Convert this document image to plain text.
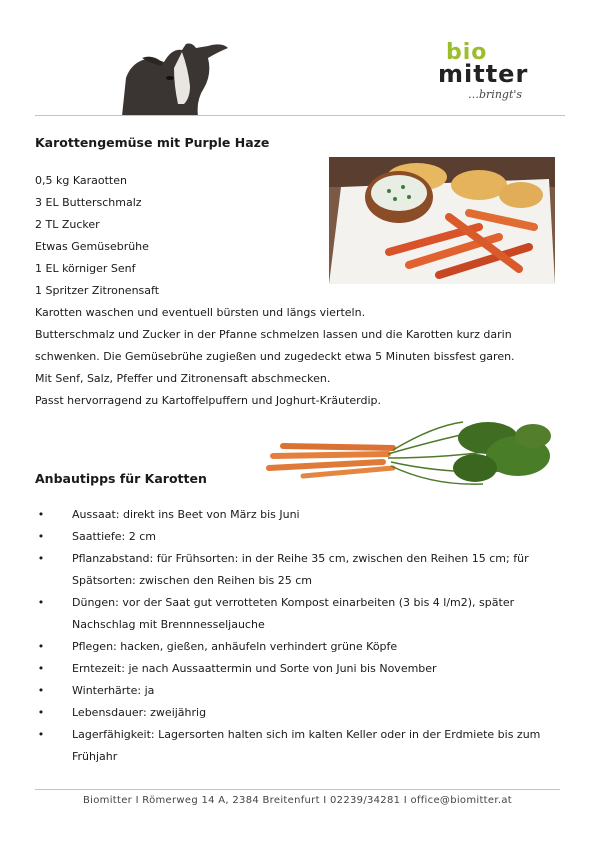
bio
mitter
…bringt's
Karottengemüse mit Purple Haze
0,5 kg Karaotten
3 EL Butterschmalz
2 TL Zucker
Etwas Gemüsebrühe
1 EL körniger Senf
1 Spritzer Zitronensaft
Karotten waschen und eventuell bürsten und längs vierteln.
Butterschmalz und Zucker in der Pfanne schmelzen lassen und die Karotten kurz darin
schwenken. Die Gemüsebrühe zugießen und zugedeckt etwa 5 Minuten bissfest garen.
Mit Senf, Salz, Pfeffer und Zitronensaft abschmecken.
Passt hervorragend zu Kartoffelpuffern und Joghurt-Kräuterdip.
Anbautipps für Karotten
•	Aussaat: direkt ins Beet von März bis Juni
•	Saattiefe: 2 cm
•	Pflanzabstand: für Frühsorten: in der Reihe 35 cm, zwischen den Reihen 15 cm; für
Spätsorten: zwischen den Reihen bis 25 cm
•	Düngen: vor der Saat gut verrotteten Kompost einarbeiten (3 bis 4 l/m2), später
Nachschlag mit Brennnesseljauche
•	Pflegen: hacken, gießen, anhäufeln verhindert grüne Köpfe
•	Erntezeit: je nach Aussaattermin und Sorte von Juni bis November
•	Winterhärte: ja
•	Lebensdauer: zweijährig
•	Lagerfähigkeit: Lagersorten halten sich im kalten Keller oder in der Erdmiete bis zum
Frühjahr
Biomitter I Römerweg 14 A, 2384 Breitenfurt I 02239/34281 I office@biomitter.at
